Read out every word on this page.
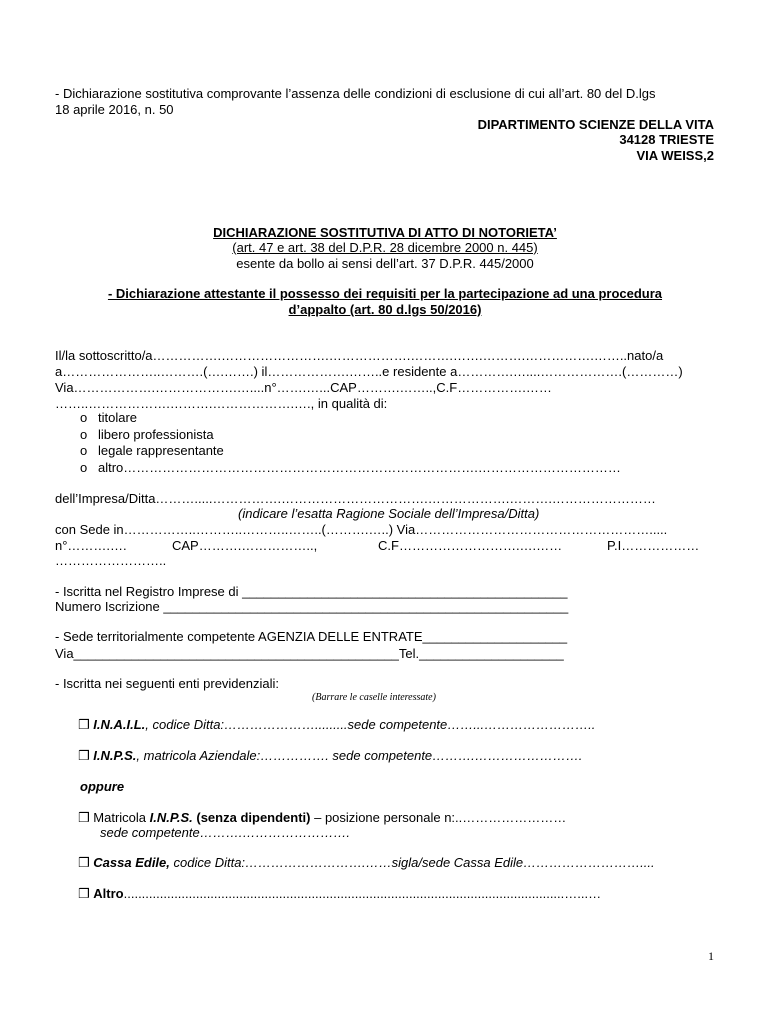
- Dichiarazione sostitutiva comprovante l’assenza delle condizioni di esclusione di cui all’art. 80 del D.lgs
18 aprile 2016, n. 50
DIPARTIMENTO SCIENZE DELLA VITA
34128 TRIESTE
VIA WEISS,2
DICHIARAZIONE SOSTITUTIVA DI ATTO DI NOTORIETA’
(art. 47 e art. 38 del D.P.R. 28 dicembre 2000 n. 445)
esente da bollo ai sensi dell’art. 37 D.P.R. 445/2000
- Dichiarazione attestante il possesso dei requisiti per la partecipazione ad una procedura
d’appalto (art. 80 d.lgs 50/2016)
Il/la sottoscritto/a…………….…………………….……………….……….…….……….…………….……..nato/a
a…………………..……….(….…….) il……………….……..e residente a………….…....……………….(…………)
Via……………….……………….…....n°…….…...CAP……….……..,C.F…………….……
……..……………….……….……………….…., in qualità di:
o titolare
o libero professionista
o legale rappresentante
o altro……………………………………………………………………….……………………………
dell’Impresa/Ditta……….....…………….…………………………….……………….……….……………………
(indicare l’esatta Ragione Sociale dell’Impresa/Ditta)
con Sede in……………..………..………..……..(……….…..) Via……………………………………………….....
n°……….….	CAP……….……………..,	C.F……………………….….……	P.I………………
……………………..
- Iscritta nel Registro Imprese di _____________________________________________
Numero Iscrizione ________________________________________________________
- Sede territorialmente competente AGENZIA DELLE ENTRATE____________________
Via_____________________________________________Tel.____________________
- Iscritta nei seguenti enti previdenziali:
(Barrare le caselle interessate)
❒ I.N.A.I.L., codice Ditta:………………….........sede competente……...……………………..
❒ I.N.P.S., matricola Aziendale:……………. sede competente……….…………………….
oppure
❒ Matricola I.N.P.S. (senza dipendenti) – posizione personale n:..……………………
sede competente……….…………………….
❒ Cassa Edile, codice Ditta:……………………….……sigla/sede Cassa Edile………………………....
❒ Altro..........................................................................................................................…...…
1
